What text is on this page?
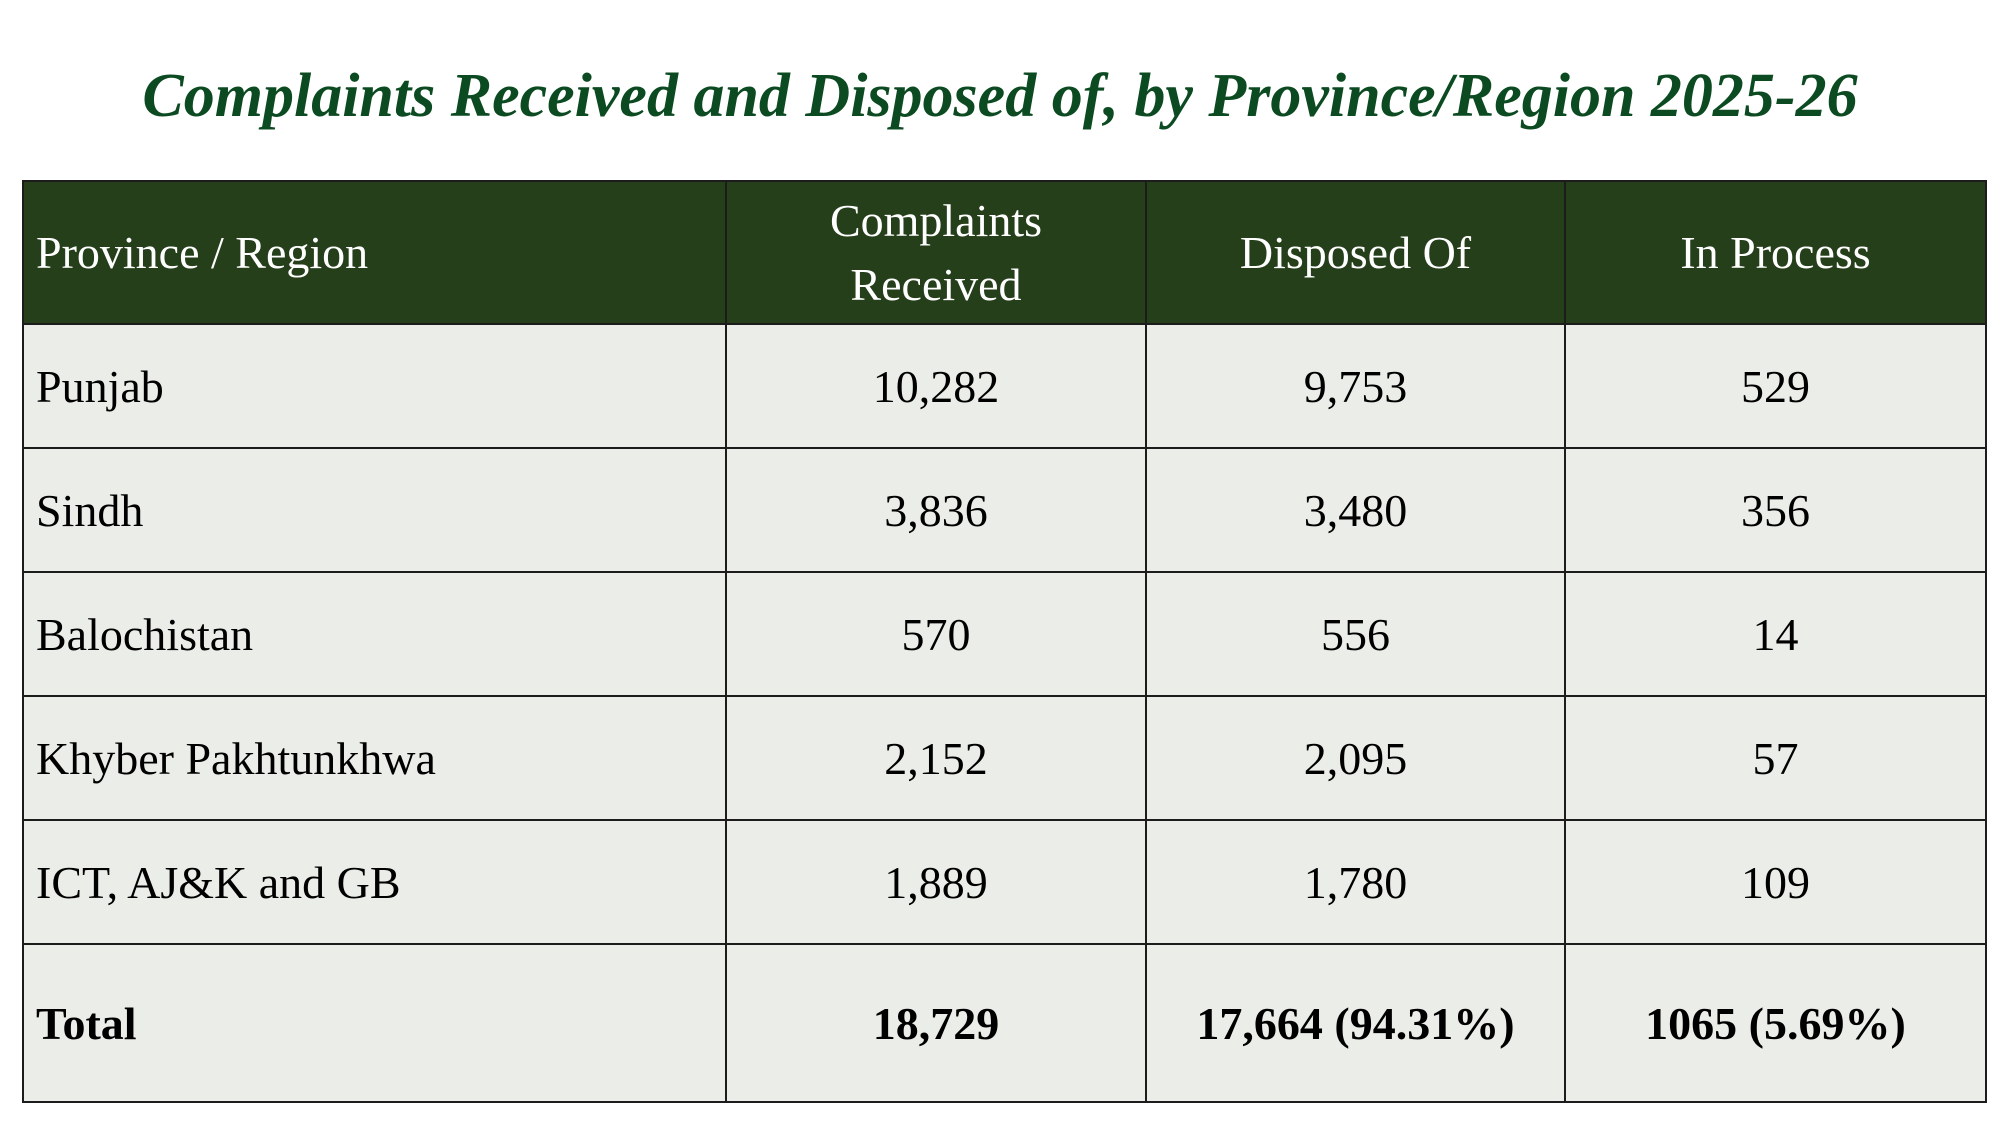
Complaints Received and Disposed of, by Province/Region 2025-26
Province / Region	Complaints Received	Disposed Of	In Process
Punjab	10,282	9,753	529
Sindh	3,836	3,480	356
Balochistan	570	556	14
Khyber Pakhtunkhwa	2,152	2,095	57
ICT, AJ&K and GB	1,889	1,780	109
Total	18,729	17,664 (94.31%)	1065 (5.69%)
